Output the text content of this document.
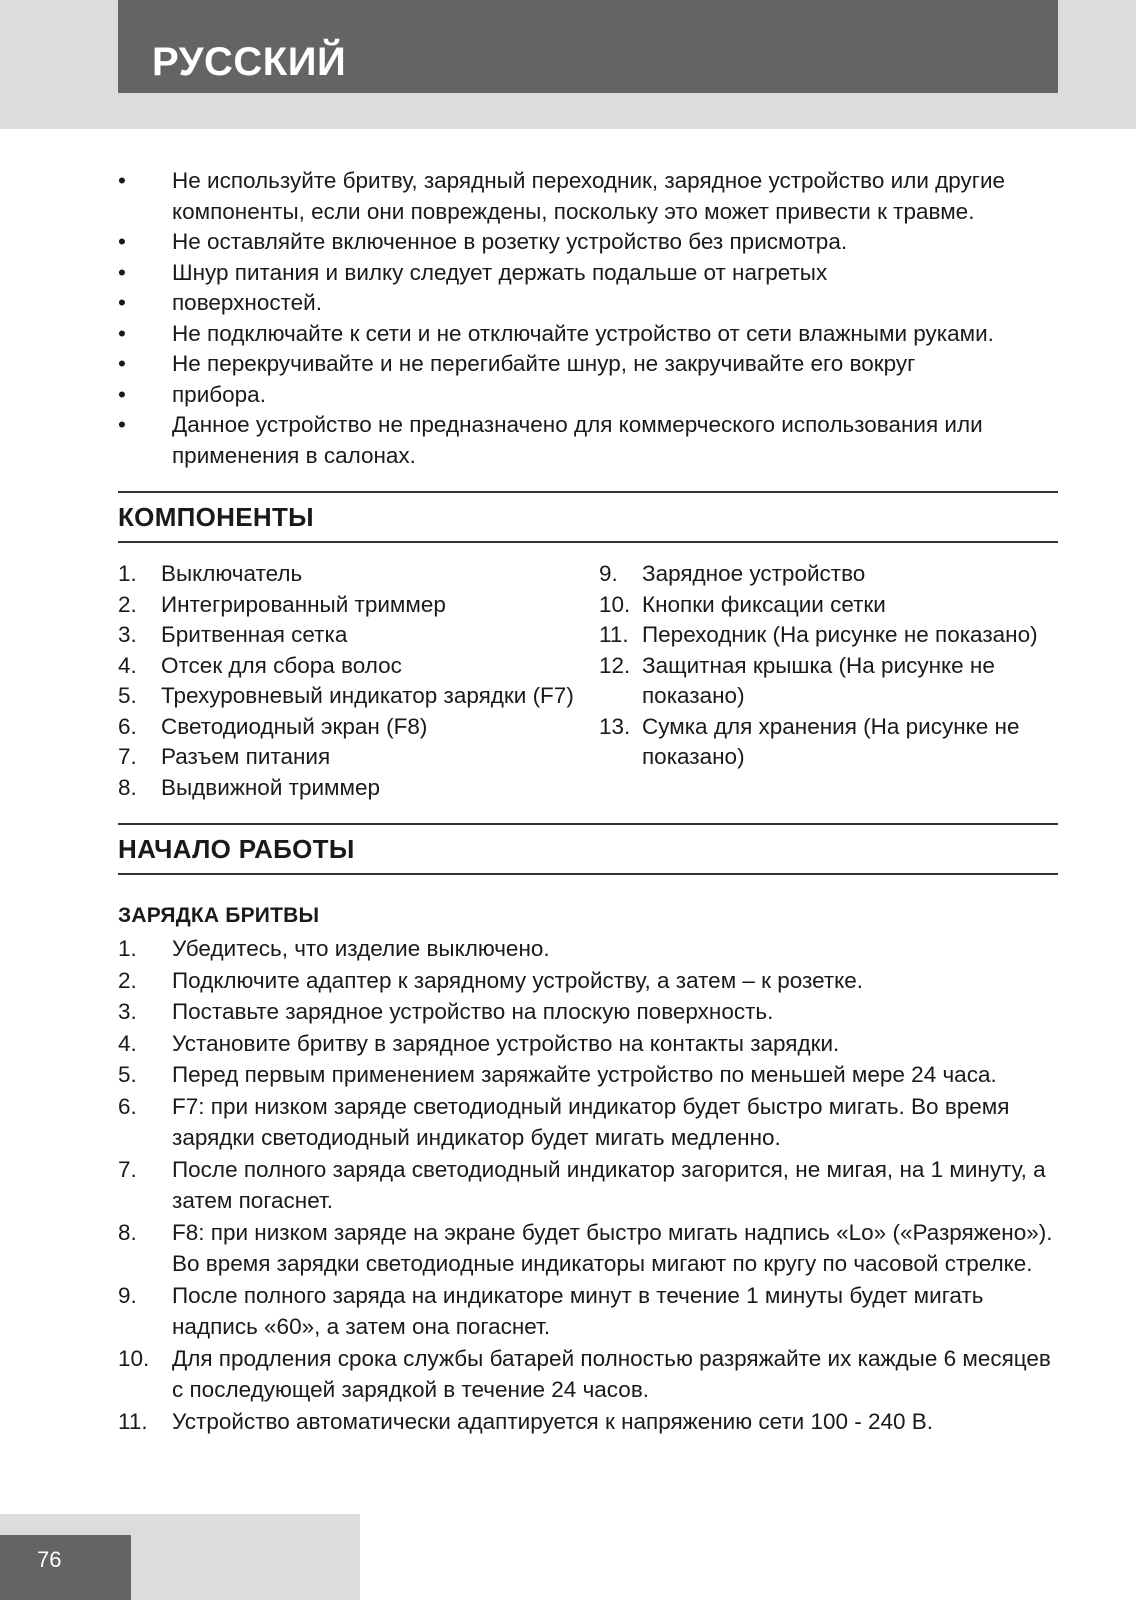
РУССКИЙ
•	Не используйте бритву, зарядный переходник, зарядное устройство или другие компоненты, если они повреждены, поскольку это может привести к травме.
•	Не оставляйте включенное в розетку устройство без присмотра.
•	Шнур питания и вилку следует держать подальше от нагретых
•	поверхностей.
•	Не подключайте к сети и не отключайте устройство от сети влажными руками.
•	Не перекручивайте и не перегибайте шнур, не закручивайте его вокруг
•	прибора.
•	Данное устройство не предназначено для коммерческого использования или применения в салонах.
КОМПОНЕНТЫ
1.	Выключатель
2.	Интегрированный триммер
3.	Бритвенная сетка
4.	Отсек для сбора волос
5.	Трехуровневый индикатор зарядки (F7)
6.	Светодиодный экран (F8)
7.	Разъем питания
8.	Выдвижной триммер
9.	Зарядное устройство
10. Кнопки фиксации сетки
11. Переходник (На рисунке не показано)
12. Защитная крышка (На рисунке не показано)
13. Сумка для хранения (На рисунке не показано)
НАЧАЛО РАБОТЫ
ЗАРЯДКА БРИТВЫ
1.	Убедитесь, что изделие выключено.
2.	Подключите адаптер к зарядному устройству, а затем – к розетке.
3.	Поставьте зарядное устройство на плоскую поверхность.
4.	Установите бритву в зарядное устройство на контакты зарядки.
5.	Перед первым применением заряжайте устройство по меньшей мере 24 часа.
6.	F7: при низком заряде светодиодный индикатор будет быстро мигать. Во время зарядки светодиодный индикатор будет мигать медленно.
7.	После полного заряда светодиодный индикатор загорится, не мигая, на 1 минуту, а затем погаснет.
8.	F8: при низком заряде на экране будет быстро мигать надпись «Lo» («Разряжено»). Во время зарядки светодиодные индикаторы мигают по кругу по часовой стрелке.
9.	После полного заряда на индикаторе минут в течение 1 минуты будет мигать надпись «60», а затем она погаснет.
10.	Для продления срока службы батарей полностью разряжайте их каждые 6 месяцев с последующей зарядкой в течение 24 часов.
11.	Устройство автоматически адаптируется к напряжению сети 100 - 240 В.
76
